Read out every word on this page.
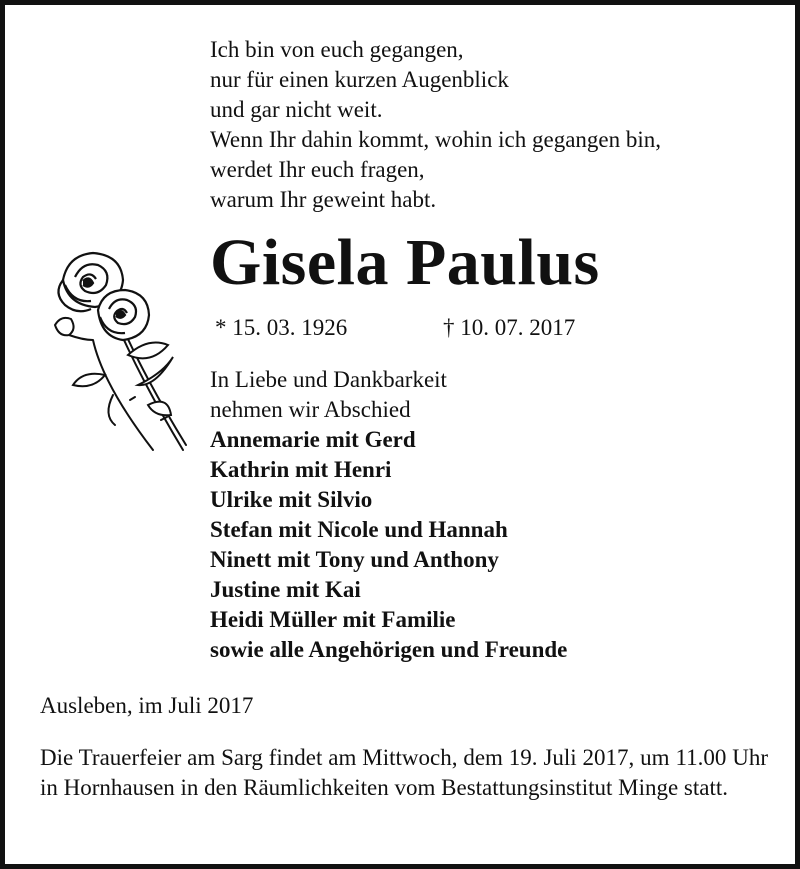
Ich bin von euch gegangen,
nur für einen kurzen Augenblick
und gar nicht weit.
Wenn Ihr dahin kommt, wohin ich gegangen bin,
werdet Ihr euch fragen,
warum Ihr geweint habt.
Gisela Paulus
* 15. 03. 1926	† 10. 07. 2017
In Liebe und Dankbarkeit
nehmen wir Abschied
Annemarie mit Gerd
Kathrin mit Henri
Ulrike mit Silvio
Stefan mit Nicole und Hannah
Ninett mit Tony und Anthony
Justine mit Kai
Heidi Müller mit Familie
sowie alle Angehörigen und Freunde
Ausleben, im Juli 2017
Die Trauerfeier am Sarg findet am Mittwoch, dem 19. Juli 2017, um 11.00 Uhr in Hornhausen in den Räumlichkeiten vom Bestattungsinstitut Minge statt.
